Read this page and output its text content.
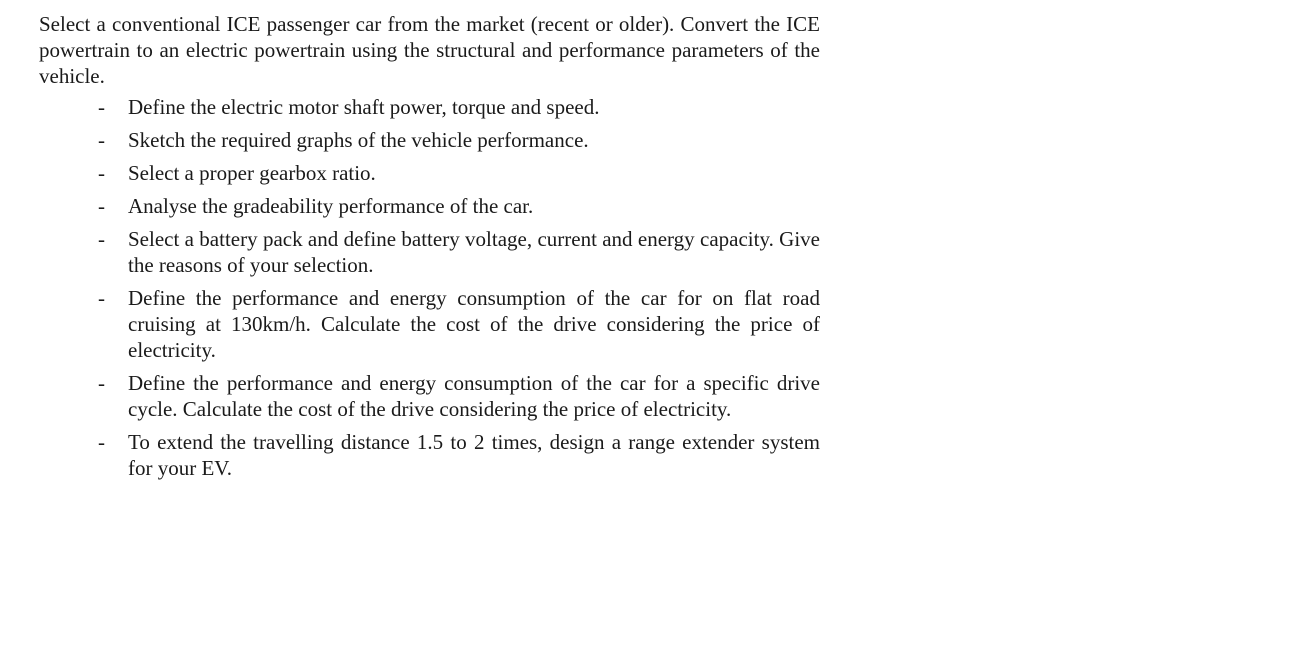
Select a conventional ICE passenger car from the market (recent or older). Convert the ICE powertrain to an electric powertrain using the structural and performance parameters of the vehicle.

- Define the electric motor shaft power, torque and speed.
- Sketch the required graphs of the vehicle performance.
- Select a proper gearbox ratio.
- Analyse the gradeability performance of the car.
- Select a battery pack and define battery voltage, current and energy capacity. Give the reasons of your selection.
- Define the performance and energy consumption of the car for on flat road cruising at 130km/h. Calculate the cost of the drive considering the price of electricity.
- Define the performance and energy consumption of the car for a specific drive cycle. Calculate the cost of the drive considering the price of electricity.
- To extend the travelling distance 1.5 to 2 times, design a range extender system for your EV.
